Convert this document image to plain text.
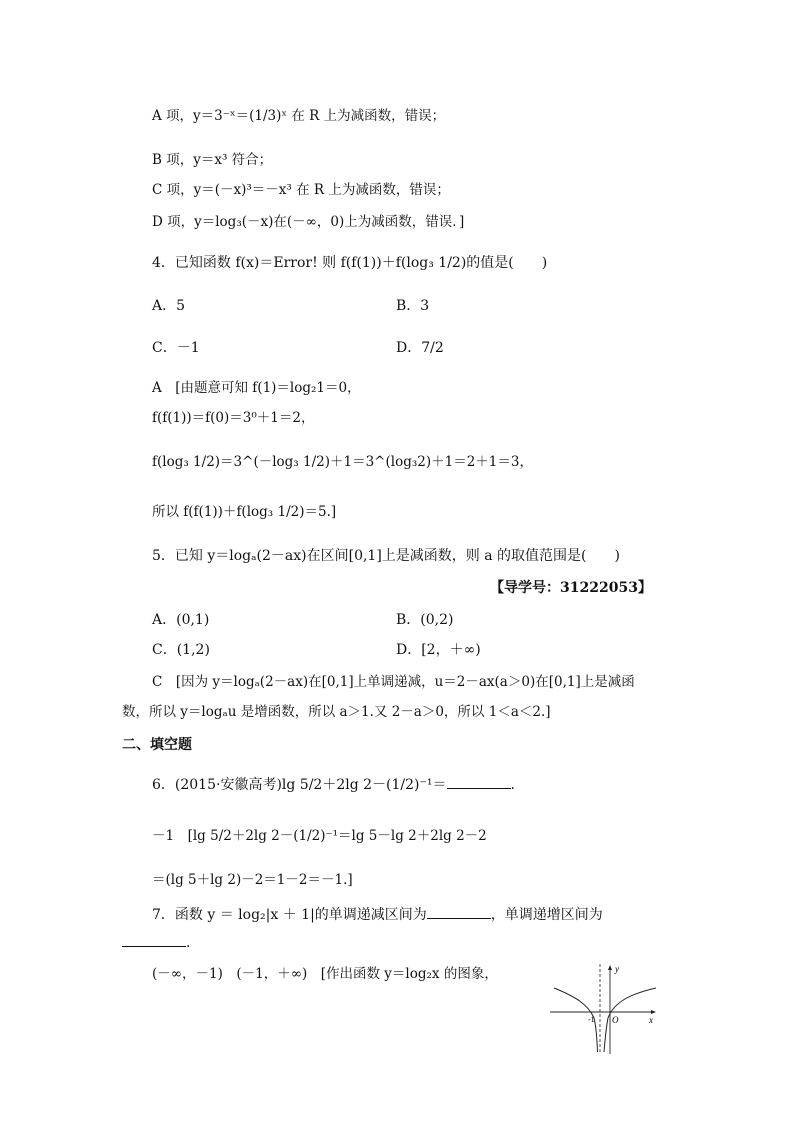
A 项，y＝3⁻ˣ＝(1/3)ˣ 在 R 上为减函数，错误；
B 项，y＝x³ 符合；
C 项，y＝(－x)³＝－x³ 在 R 上为减函数，错误；
D 项，y＝log₃(－x)在(－∞，0)上为减函数，错误．]
4．已知函数 f(x)＝Error! 则 f(f(1))＋f(log₃ 1/2)的值是(　　)
A．5	B．3
C．－1	D．7/2
A　[由题意可知 f(1)＝log₂1＝0，
f(f(1))＝f(0)＝3⁰＋1＝2，
f(log₃ 1/2)＝3^(－log₃ 1/2)＋1＝3^(log₃2)＋1＝2＋1＝3，
所以 f(f(1))＋f(log₃ 1/2)＝5.]
5．已知 y＝logₐ(2－ax)在区间[0,1]上是减函数，则 a 的取值范围是(　　)
【导学号：31222053】
A．(0,1)	B．(0,2)
C．(1,2)	D．[2，＋∞)
C　[因为 y＝logₐ(2－ax)在[0,1]上单调递减，u＝2－ax(a＞0)在[0,1]上是减函
数，所以 y＝logₐu 是增函数，所以 a＞1.又 2－a＞0，所以 1＜a＜2.]
二、填空题
6．(2015·安徽高考)lg 5/2＋2lg 2－(1/2)⁻¹＝	.
－1　[lg 5/2＋2lg 2－(1/2)⁻¹＝lg 5－lg 2＋2lg 2－2
＝(lg 5＋lg 2)－2＝1－2＝－1.]
7．函数 y ＝ log₂|x ＋ 1|的单调递减区间为	，单调递增区间为
.
(－∞，－1)　(－1，＋∞)　[作出函数 y＝log₂x 的图象，	y
x
O
-1
